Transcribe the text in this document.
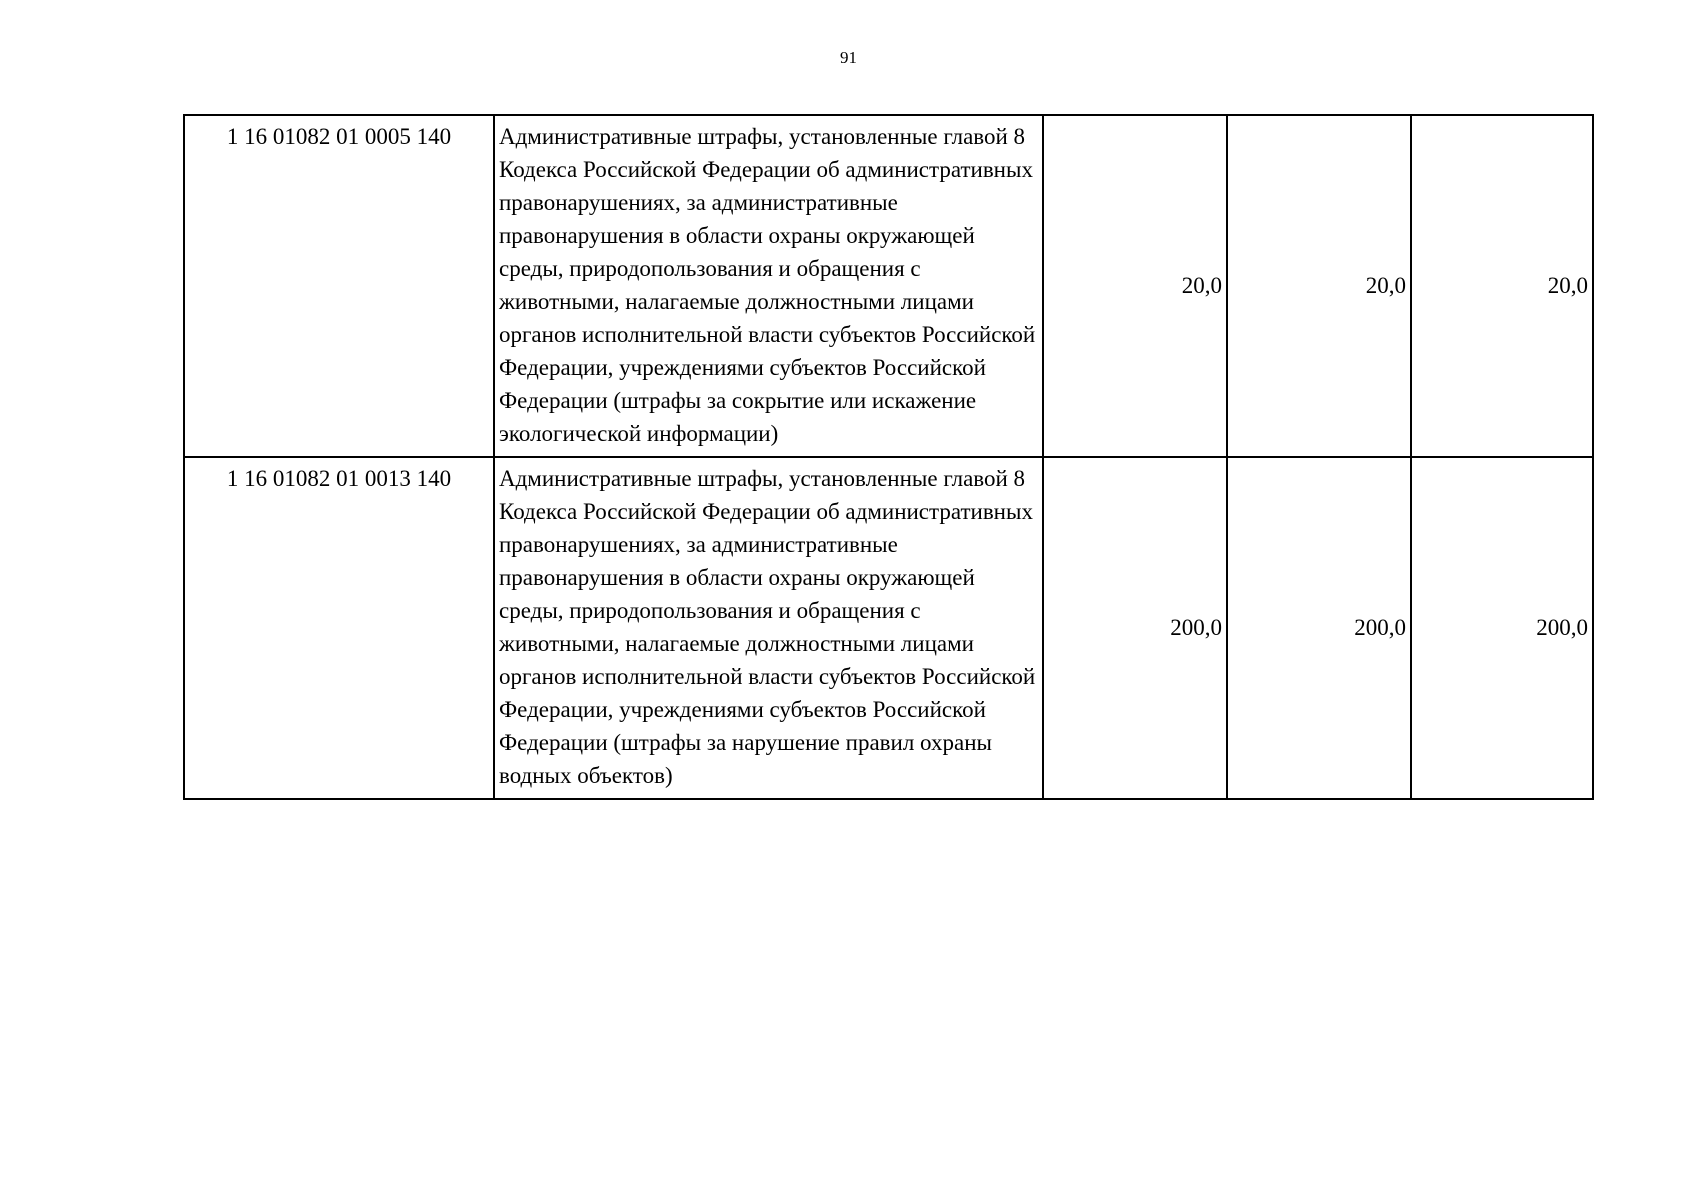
91
1 16 01082 01 0005 140	Административные штрафы, установленные главой 8 Кодекса Российской Федерации об административных правонарушениях, за административные правонарушения в области охраны окружающей среды, природопользования и обращения с животными, налагаемые должностными лицами органов исполнительной власти субъектов Российской Федерации, учреждениями субъектов Российской Федерации (штрафы за сокрытие или искажение экологической информации)	20,0	20,0	20,0
1 16 01082 01 0013 140	Административные штрафы, установленные главой 8 Кодекса Российской Федерации об административных правонарушениях, за административные правонарушения в области охраны окружающей среды, природопользования и обращения с животными, налагаемые должностными лицами органов исполнительной власти субъектов Российской Федерации, учреждениями субъектов Российской Федерации (штрафы за нарушение правил охраны водных объектов)	200,0	200,0	200,0
